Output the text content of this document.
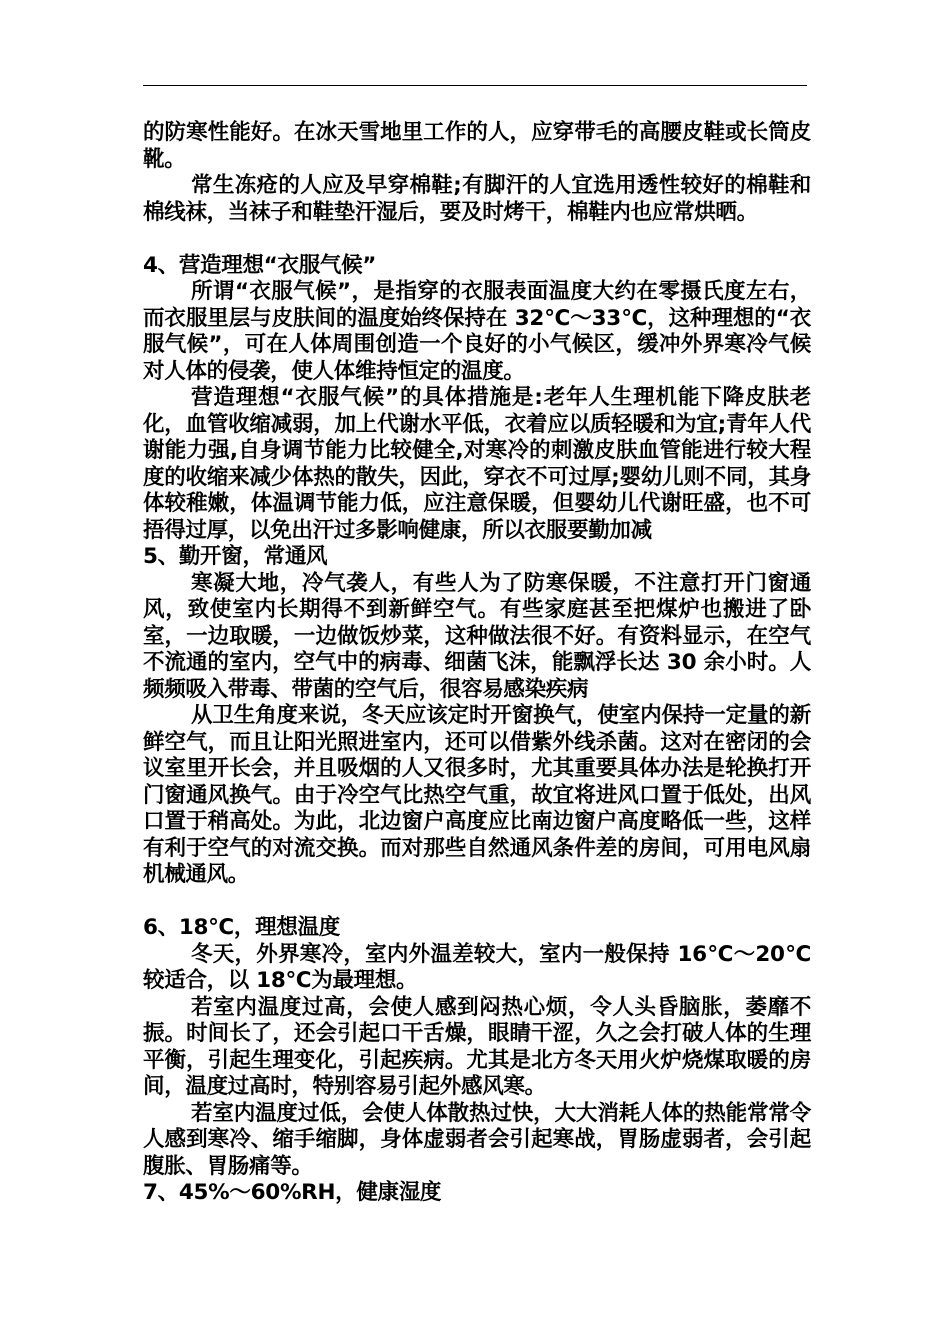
的防寒性能好。在冰天雪地里工作的人，应穿带毛的高腰皮鞋或长筒皮靴。

常生冻疮的人应及早穿棉鞋;有脚汗的人宜选用透性较好的棉鞋和棉线袜，当袜子和鞋垫汗湿后，要及时烤干，棉鞋内也应常烘晒。

4、营造理想“衣服气候”

所谓“衣服气候”，是指穿的衣服表面温度大约在零摄氏度左右，而衣服里层与皮肤间的温度始终保持在 32℃～33℃，这种理想的“衣服气候”，可在人体周围创造一个良好的小气候区，缓冲外界寒冷气候对人体的侵袭，使人体维持恒定的温度。

营造理想“衣服气候”的具体措施是:老年人生理机能下降皮肤老化，血管收缩减弱，加上代谢水平低，衣着应以质轻暖和为宜;青年人代谢能力强,自身调节能力比较健全,对寒冷的刺激皮肤血管能进行较大程度的收缩来减少体热的散失，因此，穿衣不可过厚;婴幼儿则不同，其身体较稚嫩，体温调节能力低，应注意保暖，但婴幼儿代谢旺盛，也不可捂得过厚，以免出汗过多影响健康，所以衣服要勤加减

5、勤开窗，常通风

寒凝大地，冷气袭人，有些人为了防寒保暖，不注意打开门窗通风，致使室内长期得不到新鲜空气。有些家庭甚至把煤炉也搬进了卧室，一边取暖，一边做饭炒菜，这种做法很不好。有资料显示，在空气不流通的室内，空气中的病毒、细菌飞沫，能飘浮长达 30 余小时。人频频吸入带毒、带菌的空气后，很容易感染疾病

从卫生角度来说，冬天应该定时开窗换气，使室内保持一定量的新鲜空气，而且让阳光照进室内，还可以借紫外线杀菌。这对在密闭的会议室里开长会，并且吸烟的人又很多时，尤其重要具体办法是轮换打开门窗通风换气。由于冷空气比热空气重，故宜将进风口置于低处，出风口置于稍高处。为此，北边窗户高度应比南边窗户高度略低一些，这样有利于空气的对流交换。而对那些自然通风条件差的房间，可用电风扇机械通风。

6、18℃，理想温度

冬天，外界寒冷，室内外温差较大，室内一般保持 16℃～20℃较适合，以 18℃为最理想。

若室内温度过高，会使人感到闷热心烦，令人头昏脑胀，萎靡不振。时间长了，还会引起口干舌燥，眼睛干涩，久之会打破人体的生理平衡，引起生理变化，引起疾病。尤其是北方冬天用火炉烧煤取暖的房间，温度过高时，特别容易引起外感风寒。

若室内温度过低，会使人体散热过快，大大消耗人体的热能常常令人感到寒冷、缩手缩脚，身体虚弱者会引起寒战，胃肠虚弱者，会引起腹胀、胃肠痛等。

7、45%～60%RH，健康湿度
